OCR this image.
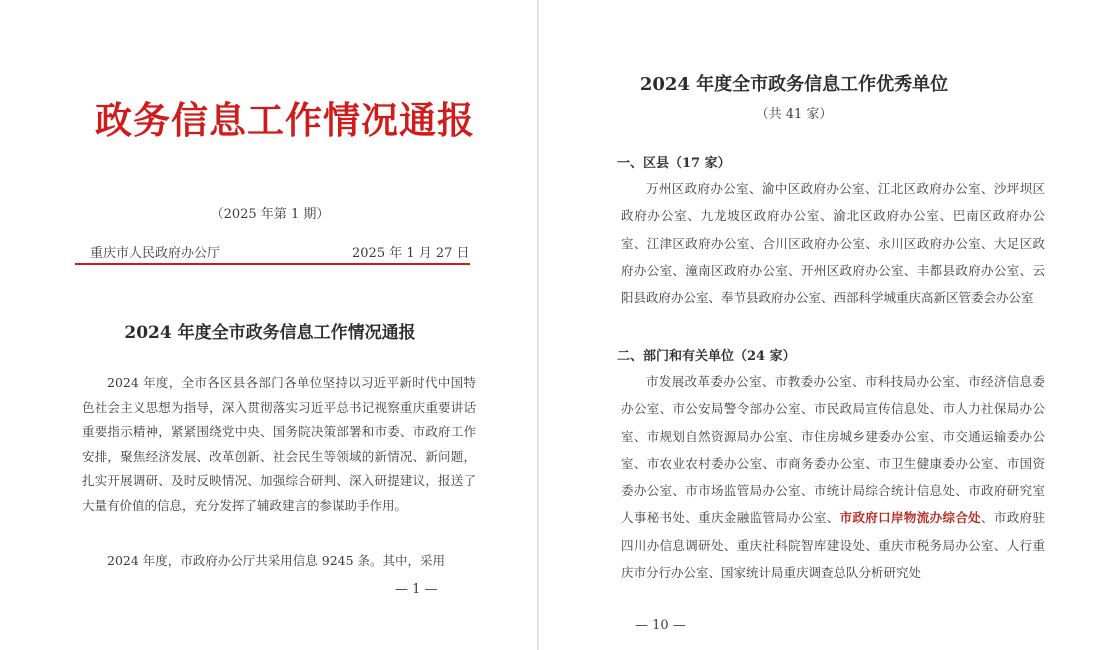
政务信息工作情况通报
（2025 年第 1 期）
重庆市人民政府办公厅	2025 年 1 月 27 日
2024 年度全市政务信息工作情况通报

2024 年度，全市各区县各部门各单位坚持以习近平新时代中国特色社会主义思想为指导，深入贯彻落实习近平总书记视察重庆重要讲话重要指示精神，紧紧围绕党中央、国务院决策部署和市委、市政府工作安排，聚焦经济发展、改革创新、社会民生等领域的新情况、新问题，扎实开展调研、及时反映情况、加强综合研判、深入研提建议，报送了大量有价值的信息，充分发挥了辅政建言的参谋助手作用。

2024 年度，市政府办公厅共采用信息 9245 条。其中，采用

— 1 —
2024 年度全市政务信息工作优秀单位
（共 41 家）
一、区县（17 家）

万州区政府办公室、渝中区政府办公室、江北区政府办公室、沙坪坝区政府办公室、九龙坡区政府办公室、渝北区政府办公室、巴南区政府办公室、江津区政府办公室、合川区政府办公室、永川区政府办公室、大足区政府办公室、潼南区政府办公室、开州区政府办公室、丰都县政府办公室、云阳县政府办公室、奉节县政府办公室、西部科学城重庆高新区管委会办公室

二、部门和有关单位（24 家）

市发展改革委办公室、市教委办公室、市科技局办公室、市经济信息委办公室、市公安局警令部办公室、市民政局宣传信息处、市人力社保局办公室、市规划自然资源局办公室、市住房城乡建委办公室、市交通运输委办公室、市农业农村委办公室、市商务委办公室、市卫生健康委办公室、市国资委办公室、市市场监管局办公室、市统计局综合统计信息处、市政府研究室人事秘书处、重庆金融监管局办公室、市政府口岸物流办综合处、市政府驻四川办信息调研处、重庆社科院智库建设处、重庆市税务局办公室、人行重庆市分行办公室、国家统计局重庆调查总队分析研究处

— 10 —
